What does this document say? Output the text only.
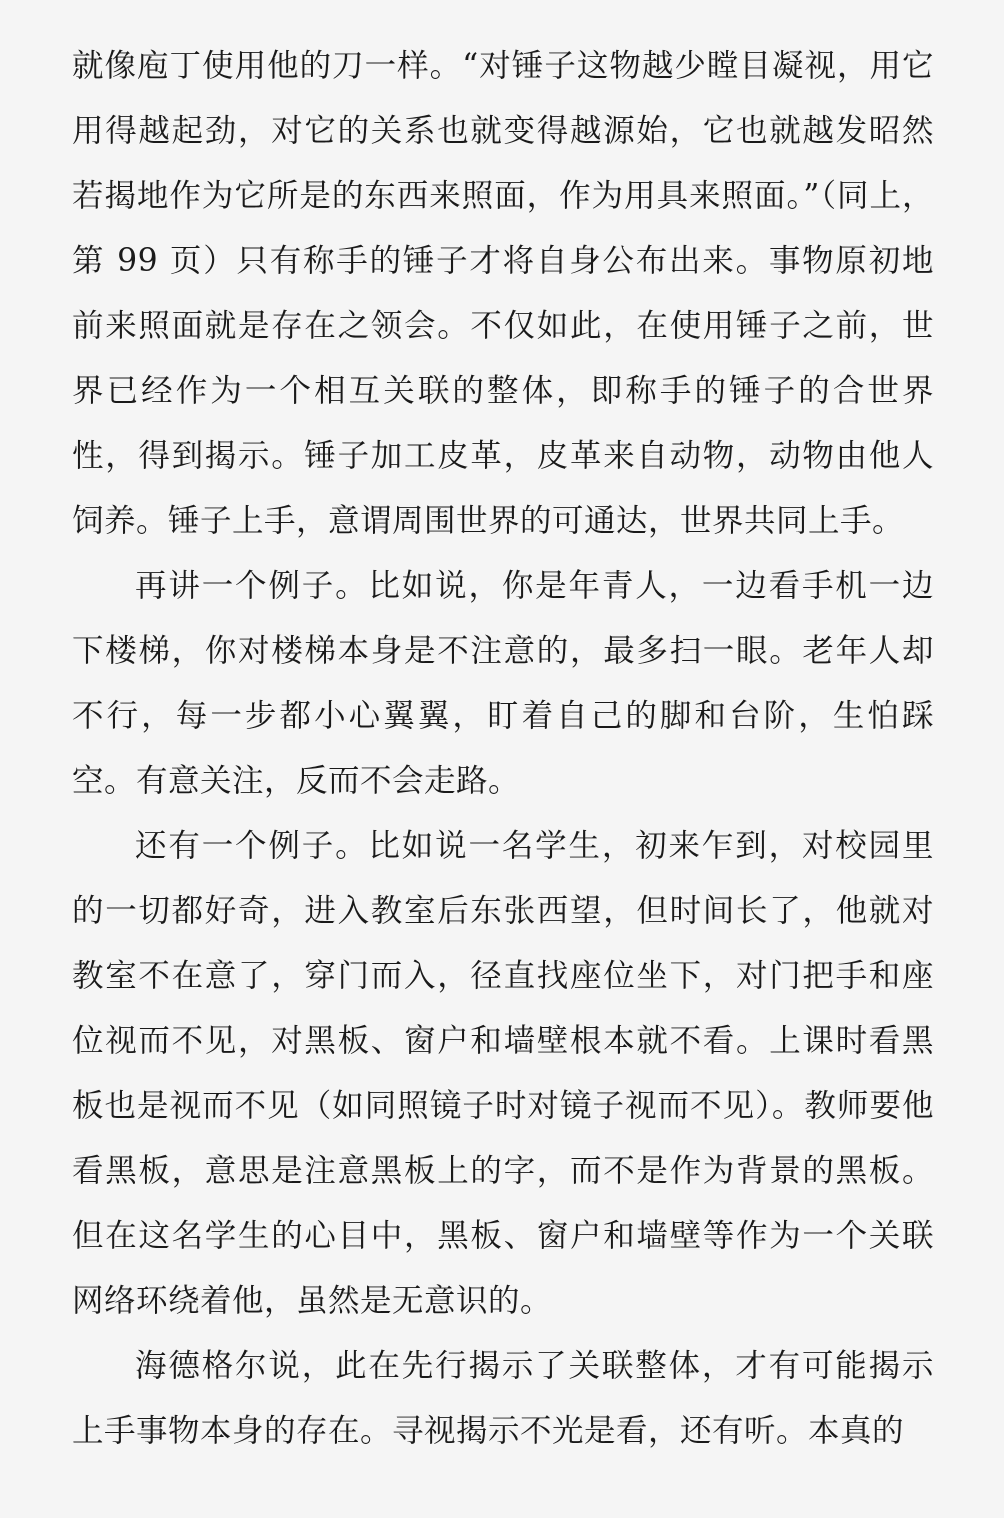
就像庖丁使用他的刀一样。“对锤子这物越少瞠目凝视，用它用得越起劲，对它的关系也就变得越源始，它也就越发昭然若揭地作为它所是的东西来照面，作为用具来照面。”（同上，第 99 页）只有称手的锤子才将自身公布出来。事物原初地前来照面就是存在之领会。不仅如此，在使用锤子之前，世界已经作为一个相互关联的整体，即称手的锤子的合世界性，得到揭示。锤子加工皮革，皮革来自动物，动物由他人饲养。锤子上手，意谓周围世界的可通达，世界共同上手。

再讲一个例子。比如说，你是年青人，一边看手机一边下楼梯，你对楼梯本身是不注意的，最多扫一眼。老年人却不行，每一步都小心翼翼，盯着自己的脚和台阶，生怕踩空。有意关注，反而不会走路。

还有一个例子。比如说一名学生，初来乍到，对校园里的一切都好奇，进入教室后东张西望，但时间长了，他就对教室不在意了，穿门而入，径直找座位坐下，对门把手和座位视而不见，对黑板、窗户和墙壁根本就不看。上课时看黑板也是视而不见（如同照镜子时对镜子视而不见）。教师要他看黑板，意思是注意黑板上的字，而不是作为背景的黑板。但在这名学生的心目中，黑板、窗户和墙壁等作为一个关联网络环绕着他，虽然是无意识的。

海德格尔说，此在先行揭示了关联整体，才有可能揭示上手事物本身的存在。寻视揭示不光是看，还有听。本真的
